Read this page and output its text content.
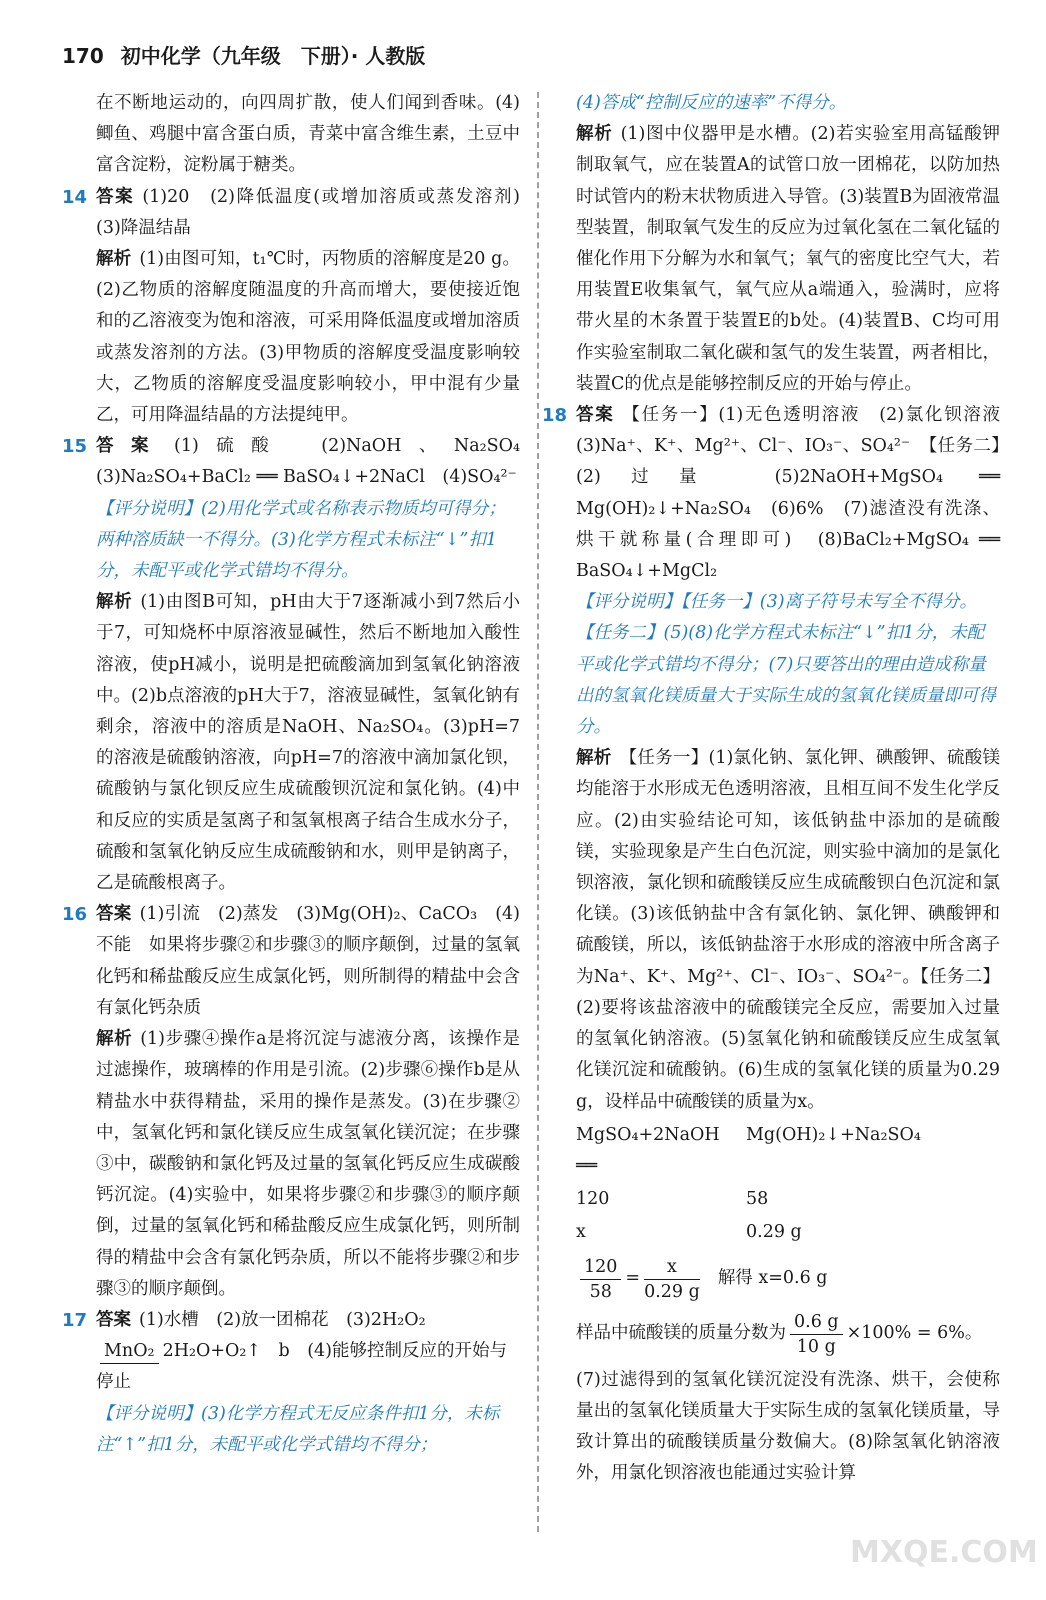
170 初中化学（九年级　下册）· 人教版

在不断地运动的，向四周扩散，使人们闻到香味。(4)鲫鱼、鸡腿中富含蛋白质，青菜中富含维生素，土豆中富含淀粉，淀粉属于糖类。

14 答案 (1)20　(2)降低温度(或增加溶质或蒸发溶剂)　(3)降温结晶

解析 (1)由图可知，t₁℃时，丙物质的溶解度是20 g。(2)乙物质的溶解度随温度的升高而增大，要使接近饱和的乙溶液变为饱和溶液，可采用降低温度或增加溶质或蒸发溶剂的方法。(3)甲物质的溶解度受温度影响较大，乙物质的溶解度受温度影响较小，甲中混有少量乙，可用降温结晶的方法提纯甲。

15 答案 (1)硫酸　(2)NaOH、Na₂SO₄　(3)Na₂SO₄+BaCl₂ ══ BaSO₄↓+2NaCl　(4)SO₄²⁻

【评分说明】(2)用化学式或名称表示物质均可得分；两种溶质缺一不得分。(3)化学方程式未标注“↓”扣1分，未配平或化学式错均不得分。

解析 (1)由图B可知，pH由大于7逐渐减小到7然后小于7，可知烧杯中原溶液显碱性，然后不断地加入酸性溶液，使pH减小，说明是把硫酸滴加到氢氧化钠溶液中。(2)b点溶液的pH大于7，溶液显碱性，氢氧化钠有剩余，溶液中的溶质是NaOH、Na₂SO₄。(3)pH=7的溶液是硫酸钠溶液，向pH=7的溶液中滴加氯化钡，硫酸钠与氯化钡反应生成硫酸钡沉淀和氯化钠。(4)中和反应的实质是氢离子和氢氧根离子结合生成水分子，硫酸和氢氧化钠反应生成硫酸钠和水，则甲是钠离子，乙是硫酸根离子。

16 答案 (1)引流　(2)蒸发　(3)Mg(OH)₂、CaCO₃　(4)不能　如果将步骤②和步骤③的顺序颠倒，过量的氢氧化钙和稀盐酸反应生成氯化钙，则所制得的精盐中会含有氯化钙杂质

解析 (1)步骤④操作a是将沉淀与滤液分离，该操作是过滤操作，玻璃棒的作用是引流。(2)步骤⑥操作b是从精盐水中获得精盐，采用的操作是蒸发。(3)在步骤②中，氢氧化钙和氯化镁反应生成氢氧化镁沉淀；在步骤③中，碳酸钠和氯化钙及过量的氢氧化钙反应生成碳酸钙沉淀。(4)实验中，如果将步骤②和步骤③的顺序颠倒，过量的氢氧化钙和稀盐酸反应生成氯化钙，则所制得的精盐中会含有氯化钙杂质，所以不能将步骤②和步骤③的顺序颠倒。

17 答案 (1)水槽　(2)放一团棉花　(3)2H₂O₂

MnO₂ 2H₂O+O₂↑　b　(4)能够控制反应的开始与停止

【评分说明】(3)化学方程式无反应条件扣1分，未标注“↑”扣1分，未配平或化学式错均不得分；

(4)答成“控制反应的速率”不得分。

解析 (1)图中仪器甲是水槽。(2)若实验室用高锰酸钾制取氧气，应在装置A的试管口放一团棉花，以防加热时试管内的粉末状物质进入导管。(3)装置B为固液常温型装置，制取氧气发生的反应为过氧化氢在二氧化锰的催化作用下分解为水和氧气；氧气的密度比空气大，若用装置E收集氧气，氧气应从a端通入，验满时，应将带火星的木条置于装置E的b处。(4)装置B、C均可用作实验室制取二氧化碳和氢气的发生装置，两者相比，装置C的优点是能够控制反应的开始与停止。

18 答案 【任务一】(1)无色透明溶液　(2)氯化钡溶液　(3)Na⁺、K⁺、Mg²⁺、Cl⁻、IO₃⁻、SO₄²⁻　【任务二】(2)过量　(5)2NaOH+MgSO₄ ══ Mg(OH)₂↓+Na₂SO₄　(6)6%　(7)滤渣没有洗涤、烘干就称量(合理即可)　(8)BaCl₂+MgSO₄ ══ BaSO₄↓+MgCl₂

【评分说明】【任务一】(3)离子符号未写全不得分。【任务二】(5)(8)化学方程式未标注“↓”扣1分，未配平或化学式错均不得分；(7)只要答出的理由造成称量出的氢氧化镁质量大于实际生成的氢氧化镁质量即可得分。

解析 【任务一】(1)氯化钠、氯化钾、碘酸钾、硫酸镁均能溶于水形成无色透明溶液，且相互间不发生化学反应。(2)由实验结论可知，该低钠盐中添加的是硫酸镁，实验现象是产生白色沉淀，则实验中滴加的是氯化钡溶液，氯化钡和硫酸镁反应生成硫酸钡白色沉淀和氯化镁。(3)该低钠盐中含有氯化钠、氯化钾、碘酸钾和硫酸镁，所以，该低钠盐溶于水形成的溶液中所含离子为Na⁺、K⁺、Mg²⁺、Cl⁻、IO₃⁻、SO₄²⁻。【任务二】(2)要将该盐溶液中的硫酸镁完全反应，需要加入过量的氢氧化钠溶液。(5)氢氧化钠和硫酸镁反应生成氢氧化镁沉淀和硫酸钠。(6)生成的氢氧化镁的质量为0.29 g，设样品中硫酸镁的质量为x。

MgSO₄+2NaOH ══
Mg(OH)₂↓+Na₂SO₄
120	58
x	0.29 g
$\frac{120}{58} = \frac{x}{0.29 g}$ 解得 x=0.6 g
样品中硫酸镁的质量分数为 $\frac{0.6 g}{10 g} \times 100\% = 6\%$。

(7)过滤得到的氢氧化镁沉淀没有洗涤、烘干，会使称量出的氢氧化镁质量大于实际生成的氢氧化镁质量，导致计算出的硫酸镁质量分数偏大。(8)除氢氧化钠溶液外，用氯化钡溶液也能通过实验计算

MXQE.COM
